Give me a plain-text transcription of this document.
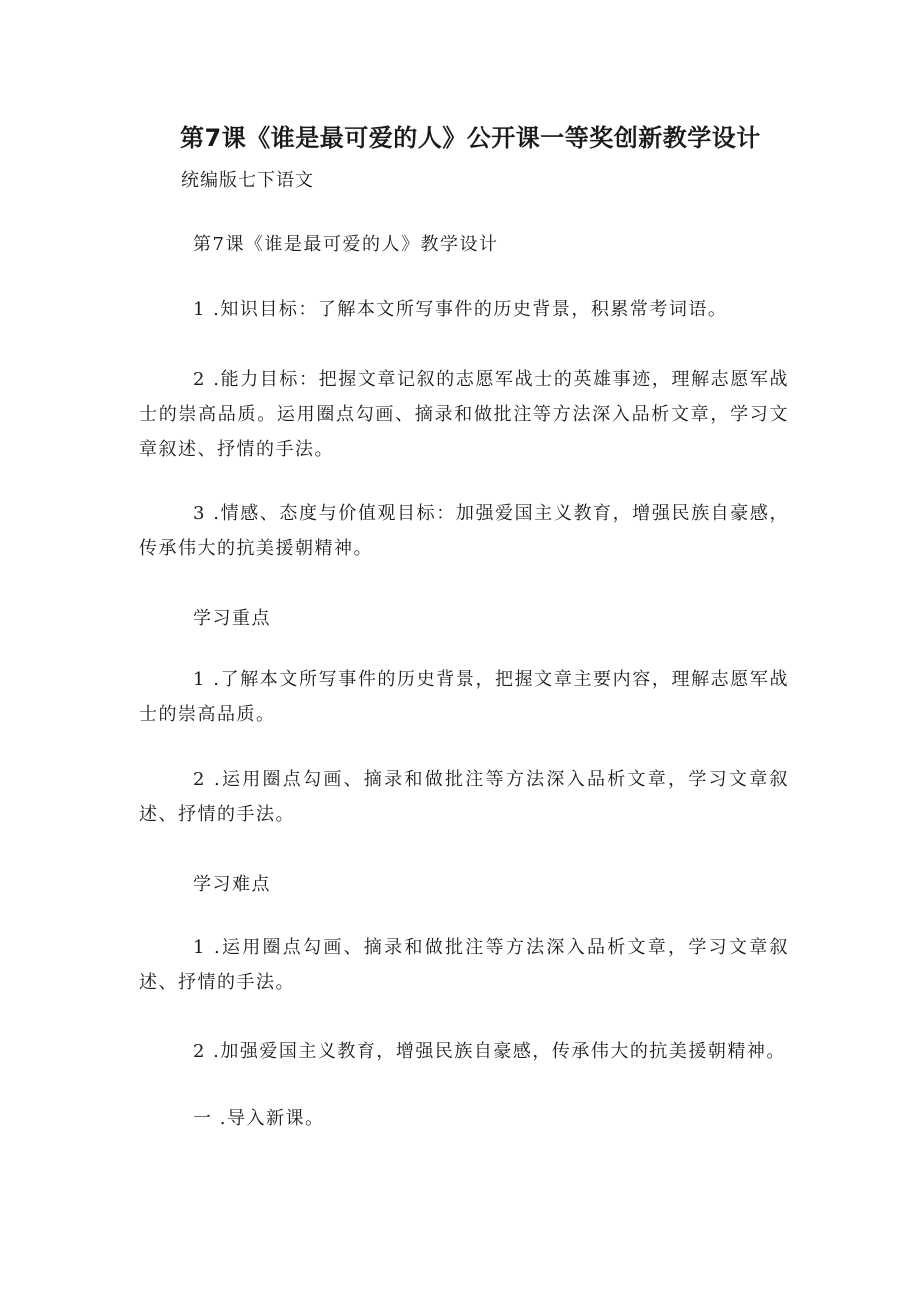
第7课《谁是最可爱的人》公开课一等奖创新教学设计
统编版七下语文
第7课《谁是最可爱的人》教学设计
1 .知识目标：了解本文所写事件的历史背景，积累常考词语。
2 .能力目标：把握文章记叙的志愿军战士的英雄事迹，理解志愿军战士的崇高品质。运用圈点勾画、摘录和做批注等方法深入品析文章，学习文章叙述、抒情的手法。
3 .情感、态度与价值观目标：加强爱国主义教育，增强民族自豪感，传承伟大的抗美援朝精神。
学习重点
1 .了解本文所写事件的历史背景，把握文章主要内容，理解志愿军战士的崇高品质。
2 .运用圈点勾画、摘录和做批注等方法深入品析文章，学习文章叙述、抒情的手法。
学习难点
1 .运用圈点勾画、摘录和做批注等方法深入品析文章，学习文章叙述、抒情的手法。
2 .加强爱国主义教育，增强民族自豪感，传承伟大的抗美援朝精神。
一 .导入新课。
